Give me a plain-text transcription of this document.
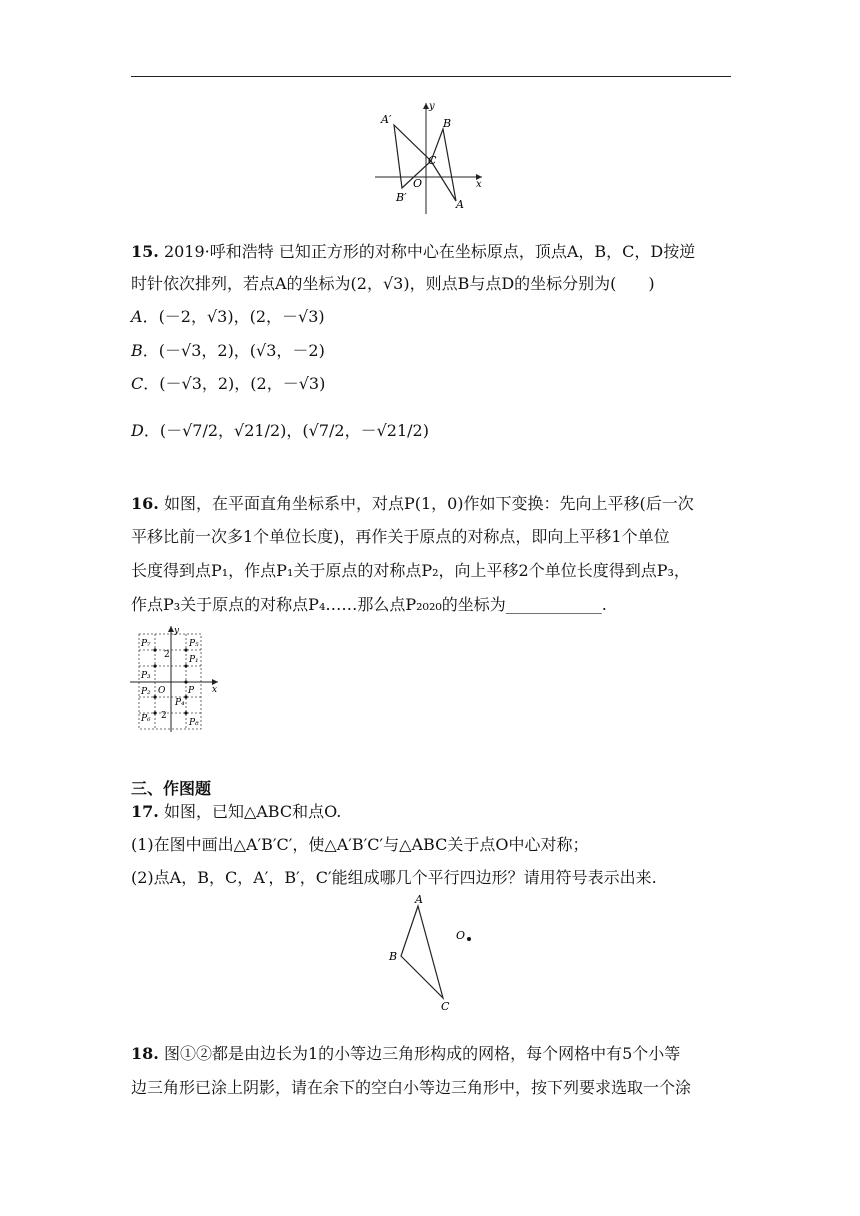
A′	B
C
O
B′
A
x
y
15. 2019·呼和浩特 已知正方形的对称中心在坐标原点，顶点A，B，C，D按逆
时针依次排列，若点A的坐标为(2，√3)，则点B与点D的坐标分别为(　　)
A．(－2，√3)，(2，－√3)
B．(－√3，2)，(√3，－2)
C．(－√3，2)，(2，－√3)
D．(－√7/2，√21/2)，(√7/2，－√21/2)
16. 如图，在平面直角坐标系中，对点P(1，0)作如下变换：先向上平移(后一次
平移比前一次多1个单位长度)，再作关于原点的对称点，即向上平移1个单位
长度得到点P₁，作点P₁关于原点的对称点P₂，向上平移2个单位长度得到点P₃，
作点P₃关于原点的对称点P₄……那么点P₂₀₂₀的坐标为____________.
P₇	P₅
2 P₁
P₃
O
P₂	P
P₄
P₆ 2
P₈
x
y
三、作图题
17. 如图，已知△ABC和点O.
(1)在图中画出△A′B′C′，使△A′B′C′与△ABC关于点O中心对称；
(2)点A，B，C，A′，B′，C′能组成哪几个平行四边形？请用符号表示出来.
A
B
C
O
18. 图①②都是由边长为1的小等边三角形构成的网格，每个网格中有5个小等
边三角形已涂上阴影，请在余下的空白小等边三角形中，按下列要求选取一个涂
